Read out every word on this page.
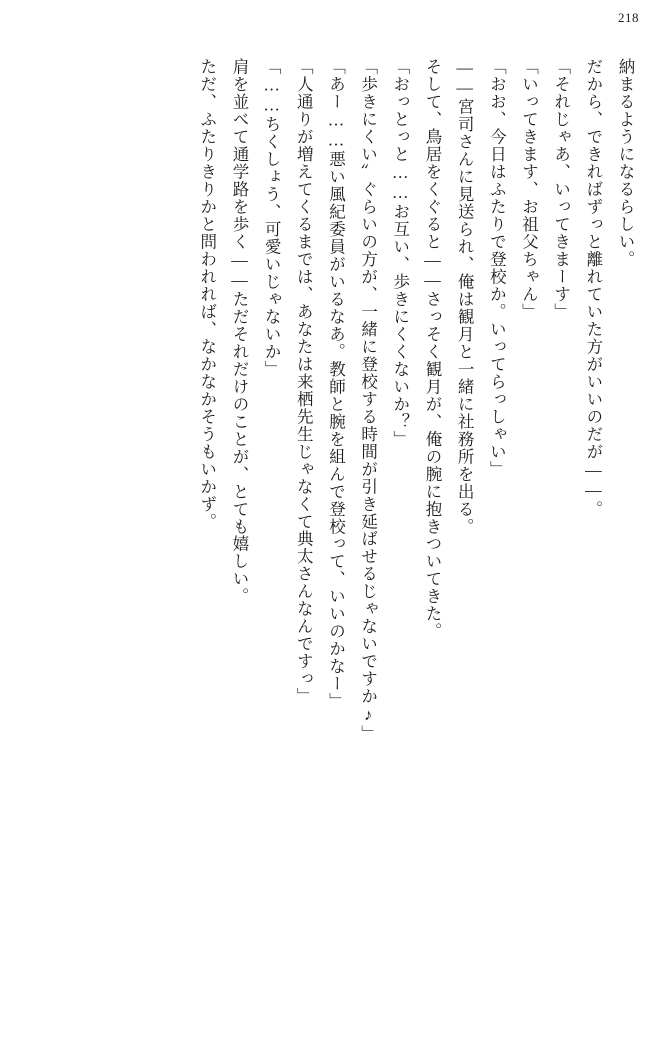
218
納まるようになるらしい。
だから、できればずっと離れていた方がいいのだが――。
「それじゃあ、いってきまーす」
「いってきます、お祖父ちゃん」
「おお、今日はふたりで登校か。いってらっしゃい」
――宮司さんに見送られ、俺は観月と一緒に社務所を出る。
そして、鳥居をくぐると――さっそく観月が、俺の腕に抱きついてきた。
「おっとっと……お互い、歩きにくくないか？」
「歩きにくい〟ぐらいの方が、一緒に登校する時間が引き延ばせるじゃないですか♪」
「あー……悪い風紀委員がいるなあ。教師と腕を組んで登校って、いいのかなー」
「人通りが増えてくるまでは、あなたは来栖先生じゃなくて典太さんなんですっ」
「……ちくしょう、可愛いじゃないか」
肩を並べて通学路を歩く――ただそれだけのことが、とても嬉しい。
ただ、ふたりきりかと問われれば、なかなかそうもいかず。
